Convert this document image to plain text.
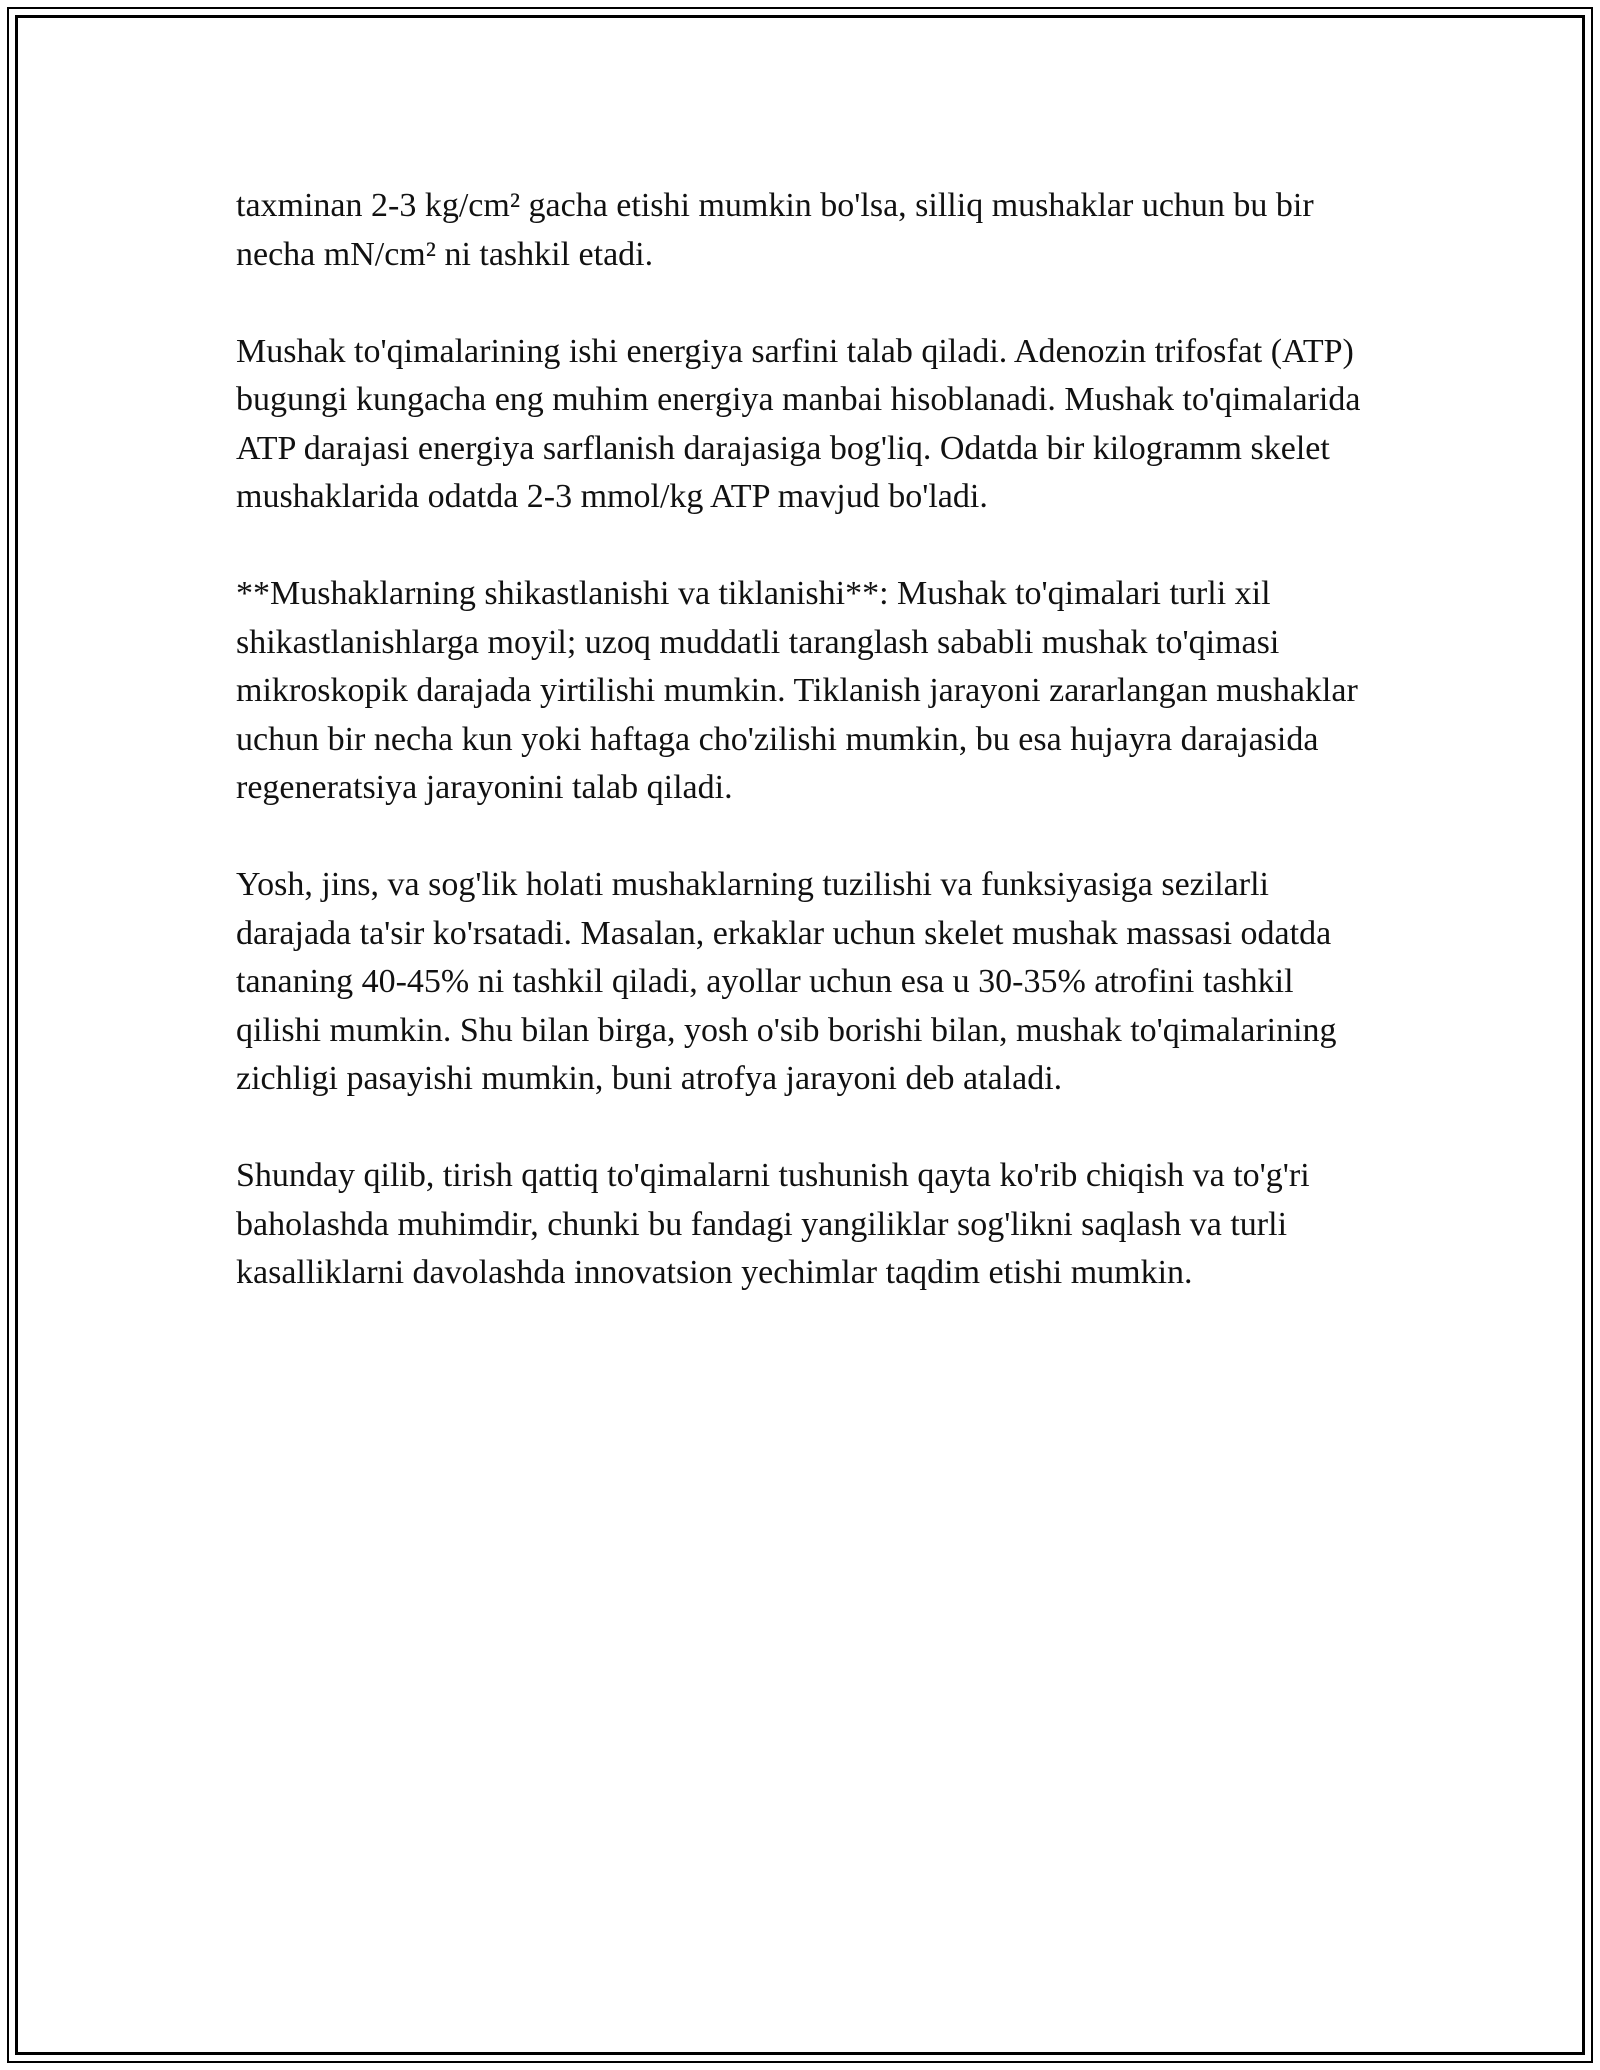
taxminan 2-3 kg/cm² gacha etishi mumkin bo'lsa, silliq mushaklar uchun bu bir necha mN/cm² ni tashkil etadi.

Mushak to'qimalarining ishi energiya sarfini talab qiladi. Adenozin trifosfat (ATP) bugungi kungacha eng muhim energiya manbai hisoblanadi. Mushak to'qimalarida ATP darajasi energiya sarflanish darajasiga bog'liq. Odatda bir kilogramm skelet mushaklarida odatda 2-3 mmol/kg ATP mavjud bo'ladi.

**Mushaklarning shikastlanishi va tiklanishi**: Mushak to'qimalari turli xil shikastlanishlarga moyil; uzoq muddatli taranglash sababli mushak to'qimasi mikroskopik darajada yirtilishi mumkin. Tiklanish jarayoni zararlangan mushaklar uchun bir necha kun yoki haftaga cho'zilishi mumkin, bu esa hujayra darajasida regeneratsiya jarayonini talab qiladi.

Yosh, jins, va sog'lik holati mushaklarning tuzilishi va funksiyasiga sezilarli darajada ta'sir ko'rsatadi. Masalan, erkaklar uchun skelet mushak massasi odatda tananing 40-45% ni tashkil qiladi, ayollar uchun esa u 30-35% atrofini tashkil qilishi mumkin. Shu bilan birga, yosh o'sib borishi bilan, mushak to'qimalarining zichligi pasayishi mumkin, buni atrofya jarayoni deb ataladi.

Shunday qilib, tirish qattiq to'qimalarni tushunish qayta ko'rib chiqish va to'g'ri baholashda muhimdir, chunki bu fandagi yangiliklar sog'likni saqlash va turli kasalliklarni davolashda innovatsion yechimlar taqdim etishi mumkin.
